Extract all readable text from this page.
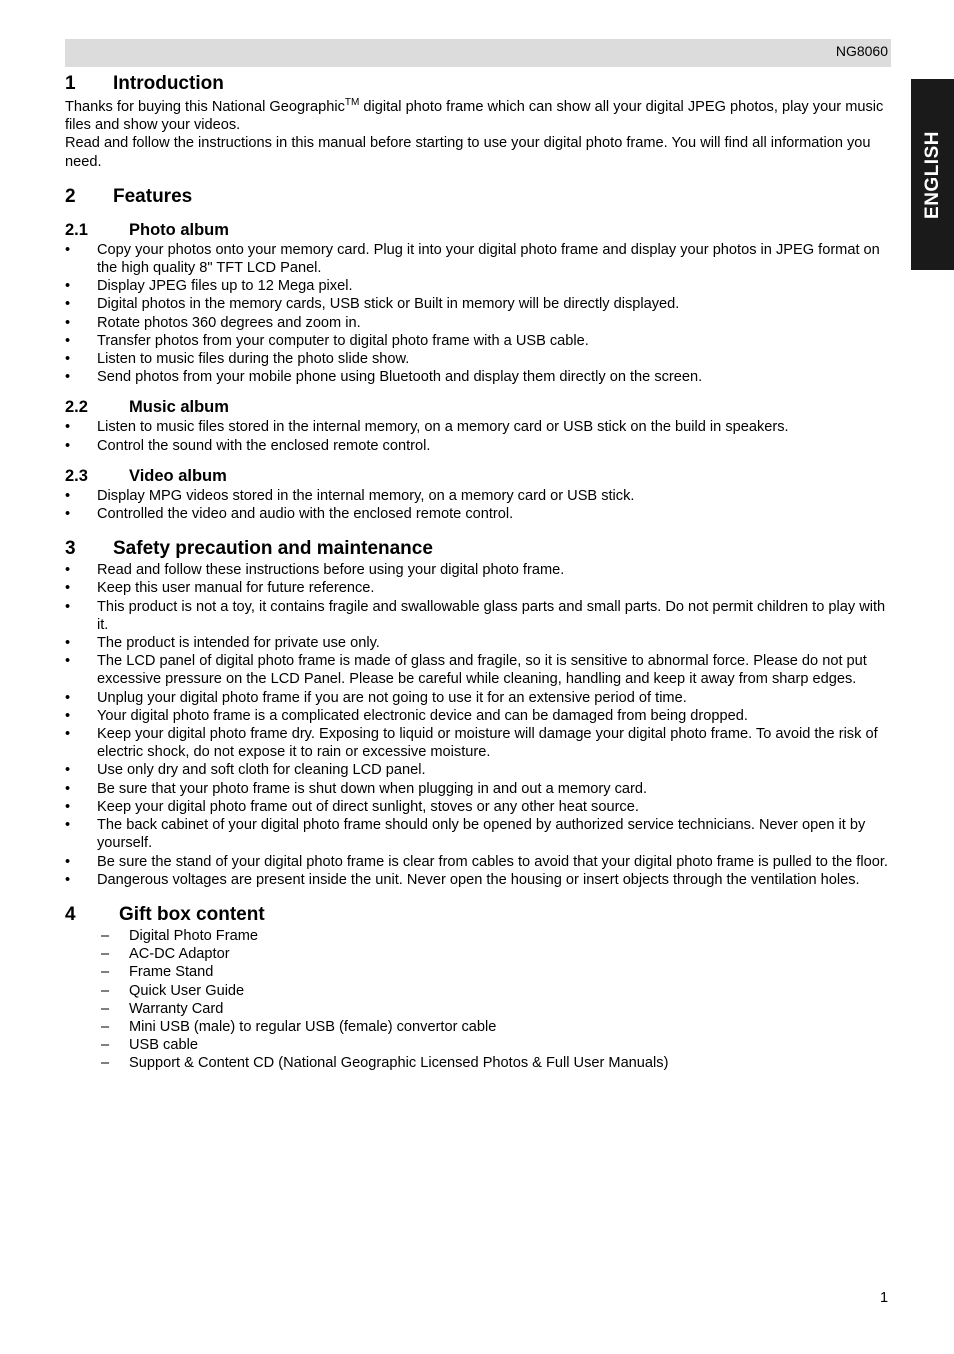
NG8060
ENGLISH
1	Introduction

Thanks for buying this National Geographic™ digital photo frame which can show all your digital JPEG photos, play your music files and show your videos.

Read and follow the instructions in this manual before starting to use your digital photo frame. You will find all information you need.

2	Features
2.1	Photo album
• Copy your photos onto your memory card. Plug it into your digital photo frame and display your photos in JPEG format on the high quality 8" TFT LCD Panel.
• Display JPEG files up to 12 Mega pixel.
• Digital photos in the memory cards, USB stick or Built in memory will be directly displayed.
• Rotate photos 360 degrees and zoom in.
• Transfer photos from your computer to digital photo frame with a USB cable.
• Listen to music files during the photo slide show.
• Send photos from your mobile phone using Bluetooth and display them directly on the screen.
2.2	Music album
• Listen to music files stored in the internal memory, on a memory card or USB stick on the build in speakers.
• Control the sound with the enclosed remote control.
2.3	Video album
• Display MPG videos stored in the internal memory, on a memory card or USB stick.
• Controlled the video and audio with the enclosed remote control.
3	Safety precaution and maintenance
• Read and follow these instructions before using your digital photo frame.
• Keep this user manual for future reference.
• This product is not a toy, it contains fragile and swallowable glass parts and small parts. Do not permit children to play with it.
• The product is intended for private use only.
• The LCD panel of digital photo frame is made of glass and fragile, so it is sensitive to abnormal force. Please do not put excessive pressure on the LCD Panel. Please be careful while cleaning, handling and keep it away from sharp edges.
• Unplug your digital photo frame if you are not going to use it for an extensive period of time.
• Your digital photo frame is a complicated electronic device and can be damaged from being dropped.
• Keep your digital photo frame dry. Exposing to liquid or moisture will damage your digital photo frame. To avoid the risk of electric shock, do not expose it to rain or excessive moisture.
• Use only dry and soft cloth for cleaning LCD panel.
• Be sure that your photo frame is shut down when plugging in and out a memory card.
• Keep your digital photo frame out of direct sunlight, stoves or any other heat source.
• The back cabinet of your digital photo frame should only be opened by authorized service technicians. Never open it by yourself.
• Be sure the stand of your digital photo frame is clear from cables to avoid that your digital photo frame is pulled to the floor.
• Dangerous voltages are present inside the unit. Never open the housing or insert objects through the ventilation holes.
4	Gift box content
– Digital Photo Frame
– AC-DC Adaptor
– Frame Stand
– Quick User Guide
– Warranty Card
– Mini USB (male) to regular USB (female) convertor cable
– USB cable
– Support & Content CD (National Geographic Licensed Photos & Full User Manuals)
1
